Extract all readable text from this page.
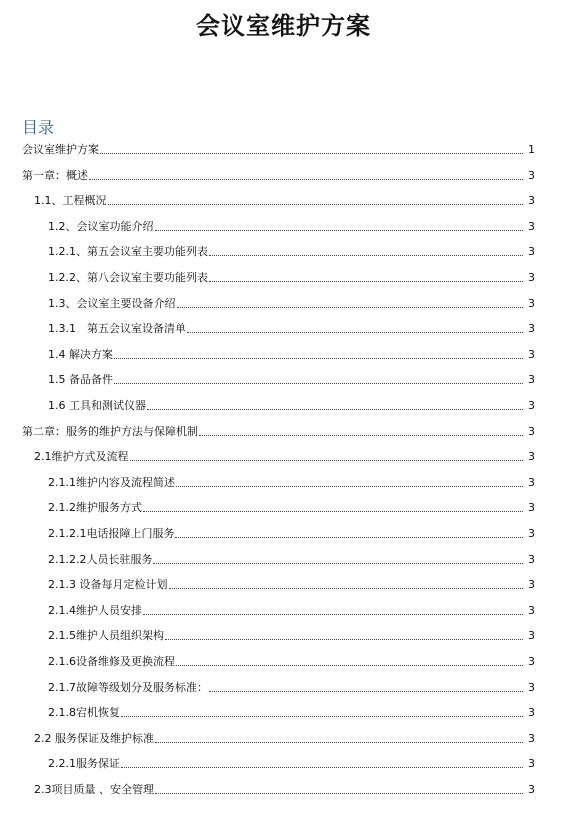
会议室维护方案
目录
会议室维护方案	1
第一章：概述	3
1.1、工程概况	3
1.2、会议室功能介绍	3
1.2.1、第五会议室主要功能列表	3
1.2.2、第八会议室主要功能列表	3
1.3、会议室主要设备介绍	3
1.3.1　第五会议室设备清单	3
1.4 解决方案	3
1.5 备品备件	3
1.6 工具和测试仪器	3
第二章：服务的维护方法与保障机制	3
2.1维护方式及流程	3
2.1.1维护内容及流程简述	3
2.1.2维护服务方式	3
2.1.2.1电话报障上门服务	3
2.1.2.2人员长驻服务	3
2.1.3 设备每月定检计划	3
2.1.4维护人员安排	3
2.1.5维护人员组织架构	3
2.1.6设备维修及更换流程	3
2.1.7故障等级划分及服务标准：	3
2.1.8宕机恢复	3
2.2 服务保证及维护标准	3
2.2.1服务保证	3
2.3项目质量 、安全管理	3
